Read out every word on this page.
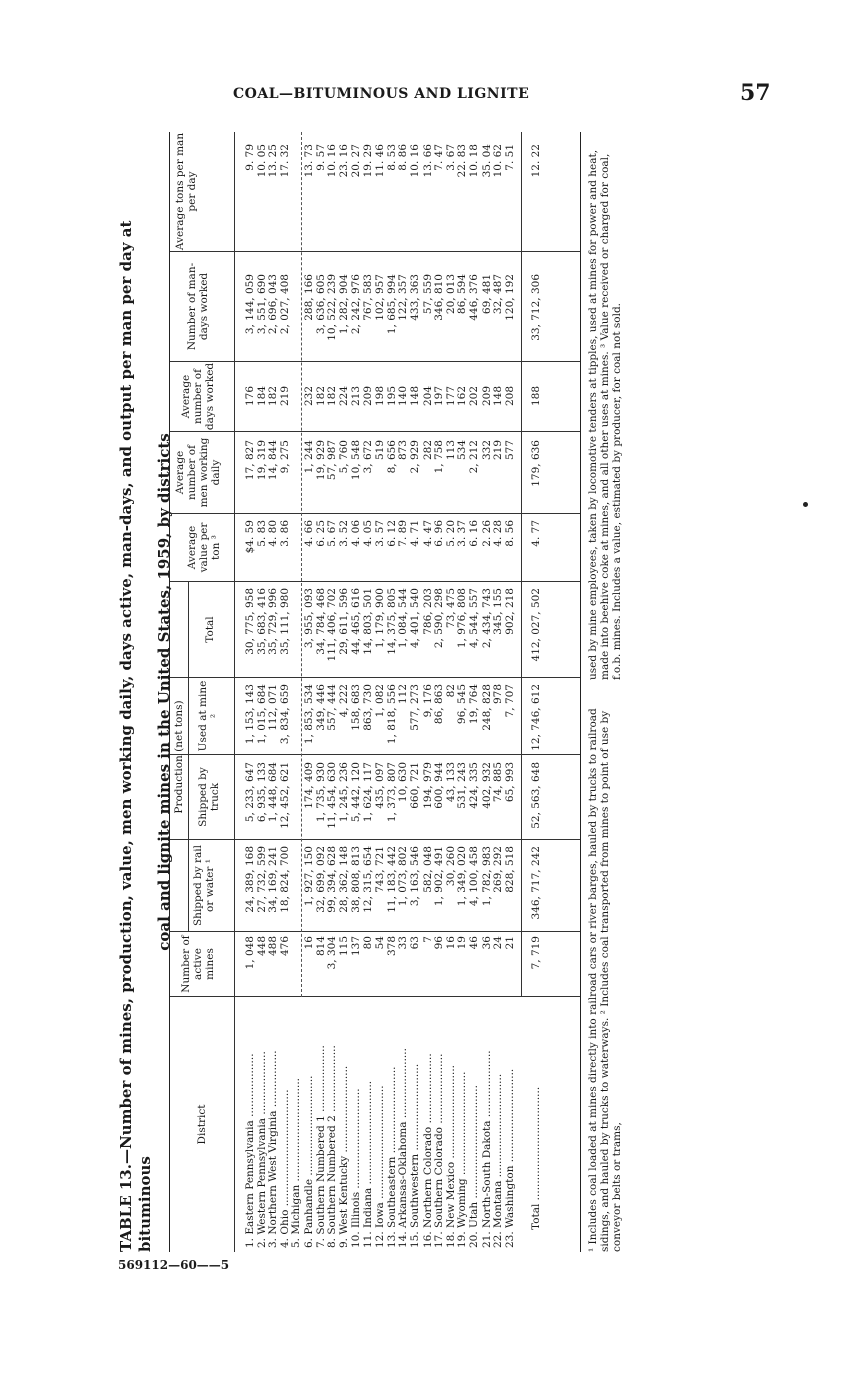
COAL—BITUMINOUS AND LIGNITE	57
569112—60——5
TABLE 13.—Number of mines, production, value, men working daily, days active, man-days, and output per man per day at bituminous
coal and lignite mines in the United States, 1959, by districts
District
Number of active mines
Production (net tons)
Shipped by rail or water ¹
Shipped by truck
Used at mine ²
Total
Average value per ton ³
Average number of men working daily
Average number of days worked
Number of man-days worked
Average tons per man per day
1. Eastern Pennsylvania ...................
1, 048
24, 389, 168
5, 233, 647
1, 153, 143
30, 775, 958
$4. 59
17, 827
176
3, 144, 059
9. 79
2. Western Pennsylvania ...................
448
27, 732, 599
6, 935, 133
1, 015, 684
35, 683, 416
5. 83
19, 319
184
3, 551, 690
10. 05
3. Northern West Virginia .................
488
34, 169, 241
1, 448, 684
112, 071
35, 729, 996
4. 80
14, 844
182
2, 696, 043
13. 25
4. Ohio ...................................
476
18, 824, 700
12, 452, 621
3, 834, 659
35, 111, 980
3. 86
9, 275
219
2, 027, 408
17. 32
5. Michigan ............................... 6. Panhandle ..............................
16
1, 927, 150
174, 409
1, 853, 534
3, 955, 093
4. 66
1, 244
232
288, 166
13. 73
7. Southern Numbered 1 ....................
814
32, 699, 092
1, 735, 930
349, 446
34, 784, 468
6. 25
19, 929
182
3, 636, 605
9. 57
8. Southern Numbered 2 ....................
3, 304
99, 394, 628
11, 454, 630
557, 444
111, 406, 702
5. 67
57, 987
182
10, 522, 239
10. 16
9. West Kentucky ..........................
115
28, 362, 148
1, 245, 236
4, 222
29, 611, 596
3. 52
5, 760
224
1, 282, 904
23. 16
10. Illinois ..............................
137
38, 808, 813
5, 442, 120
158, 683
44, 465, 616
4. 06
10, 548
213
2, 242, 976
20. 27
11. Indiana ...............................
80
12, 315, 654
1, 624, 117
863, 730
14, 803, 501
4. 05
3, 672
209
767, 583
19. 29
12. Iowa ..................................
54
743, 721
435, 097
1, 082
1, 179, 900
3. 57
519
198
102, 957
11. 46
13. Southeastern ..........................
378
11, 183, 442
1, 373, 807
1, 818, 556
14, 375, 805
6. 12
8, 656
195
1, 685, 994
8. 53
14. Arkansas-Oklahoma .....................
33
1, 073, 802
10, 630
112
1, 084, 544
7. 89
873
140
122, 357
8. 86
15. Southwestern ..........................
63
3, 163, 546
660, 721
577, 273
4, 401, 540
4. 71
2, 929
148
433, 363
10. 16
16. Northern Colorado .....................
7
582, 048
194, 979
9, 176
786, 203
4. 47
282
204
57, 559
13. 66
17. Southern Colorado .....................
96
1, 902, 491
600, 944
86, 863
2, 590, 298
6. 96
1, 758
197
346, 810
7. 47
18. New Mexico ............................
16
30, 260
43, 133
82
73, 475
5. 20
113
177
20, 013
3. 67
19. Wyoming ...............................
19
1, 349, 020
531, 243
96, 545
1, 976, 808
3. 37
534
162
86, 594
22. 83
20. Utah ..................................
46
4, 100, 458
424, 335
19, 764
4, 544, 557
6. 16
2, 212
202
446, 376
10. 18
21. North-South Dakota ....................
36
1, 782, 983
402, 932
248, 828
2, 434, 743
2. 26
332
209
69, 481
35. 04
22. Montana ...............................
24
269, 292
74, 885
978
345, 155
4. 28
219
148
32, 487
10. 62
23. Washington ............................
21
828, 518
65, 993
7, 707
902, 218
8. 56
577
208
120, 192
7. 51
Total ..................................
7, 719
346, 717, 242
52, 563, 648
12, 746, 612
412, 027, 502
4. 77
179, 636
188
33, 712, 306
12. 22
¹ Includes coal loaded at mines directly into railroad cars or river barges, hauled by trucks to railroad sidings, and hauled by trucks to waterways. ² Includes coal transported from mines to point of use by conveyor belts or trams,
used by mine employees, taken by locomotive tenders at tipples, used at mines for power and heat, made into beehive coke at mines, and all other uses at mines. ³ Value received or charged for coal, f.o.b. mines. Includes a value, estimated by producer, for coal not sold.
